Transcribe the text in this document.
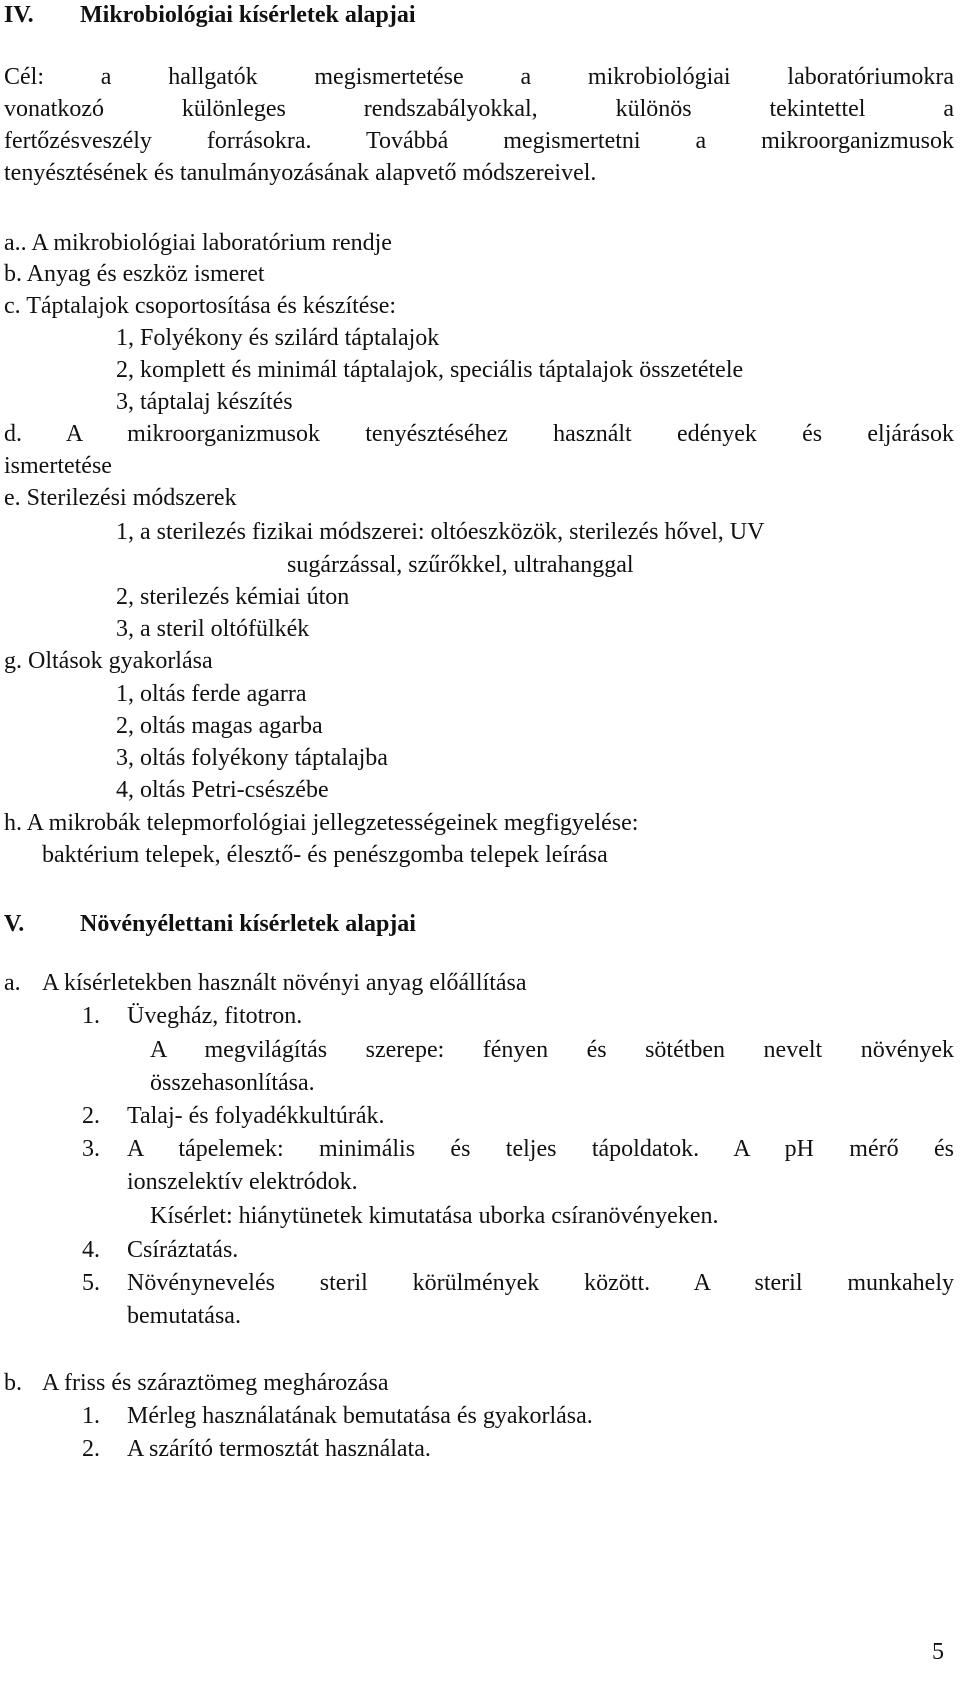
IV. Mikrobiológiai kísérletek alapjai
Cél: a hallgatók megismertetése a mikrobiológiai laboratóriumokra
vonatkozó különleges rendszabályokkal, különös tekintettel a
fertőzésveszély forrásokra. Továbbá megismertetni a mikroorganizmusok
tenyésztésének és tanulmányozásának alapvető módszereivel.
a.. A mikrobiológiai laboratórium rendje
b. Anyag és eszköz ismeret
c. Táptalajok csoportosítása és készítése:
1, Folyékony és szilárd táptalajok
2, komplett és minimál táptalajok, speciális táptalajok összetétele
3, táptalaj készítés
d. A mikroorganizmusok tenyésztéséhez használt edények és eljárások
ismertetése
e. Sterilezési módszerek
1, a sterilezés fizikai módszerei: oltóeszközök, sterilezés hővel, UV
sugárzással, szűrőkkel, ultrahanggal
2, sterilezés kémiai úton
3, a steril oltófülkék
g. Oltások gyakorlása
1, oltás ferde agarra
2, oltás magas agarba
3, oltás folyékony táptalajba
4, oltás Petri-csészébe
h. A mikrobák telepmorfológiai jellegzetességeinek megfigyelése:
baktérium telepek, élesztő- és penészgomba telepek leírása
V. Növényélettani kísérletek alapjai
a. A kísérletekben használt növényi anyag előállítása
1. Üvegház, fitotron.
A megvilágítás szerepe: fényen és sötétben nevelt növények
összehasonlítása.
2. Talaj- és folyadékkultúrák.
3. A tápelemek: minimális és teljes tápoldatok. A pH mérő és
ionszelektív elektródok.
Kísérlet: hiánytünetek kimutatása uborka csíranövényeken.
4. Csíráztatás.
5. Növénynevelés steril körülmények között. A steril munkahely
bemutatása.
b. A friss és száraztömeg meghározása
1. Mérleg használatának bemutatása és gyakorlása.
2. A szárító termosztát használata.
5
